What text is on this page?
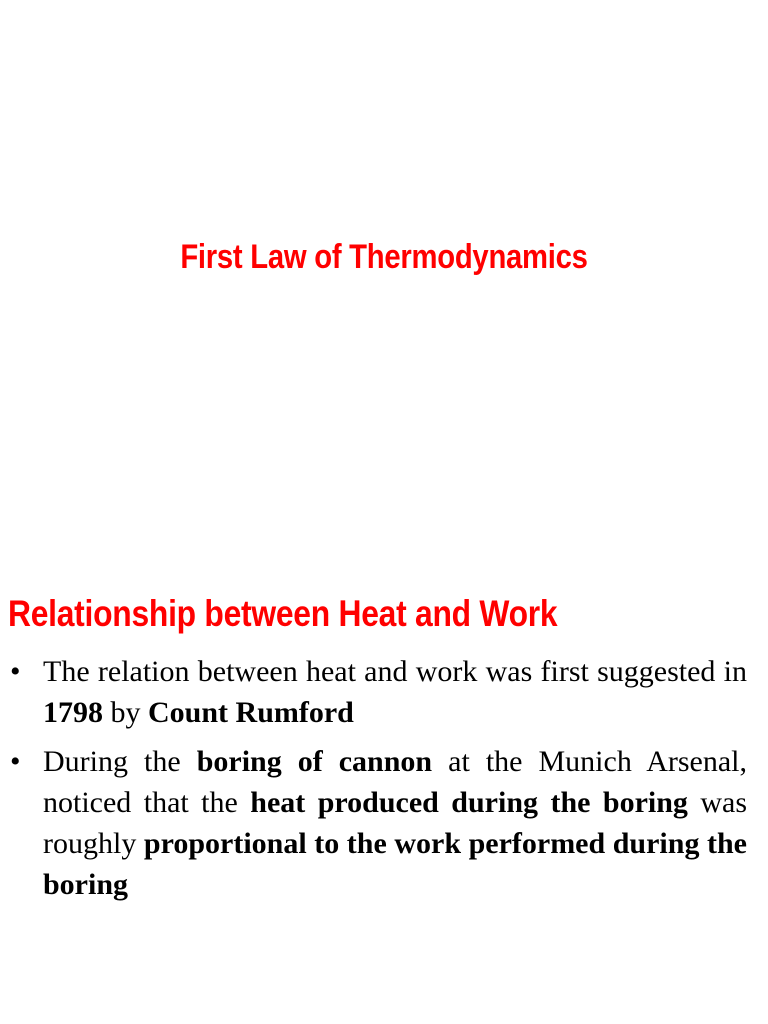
First Law of Thermodynamics
Relationship between Heat and Work
• The relation between heat and work was first suggested in 1798 by Count Rumford
• During the boring of cannon at the Munich Arsenal, noticed that the heat produced during the boring was roughly proportional to the work performed during the boring
